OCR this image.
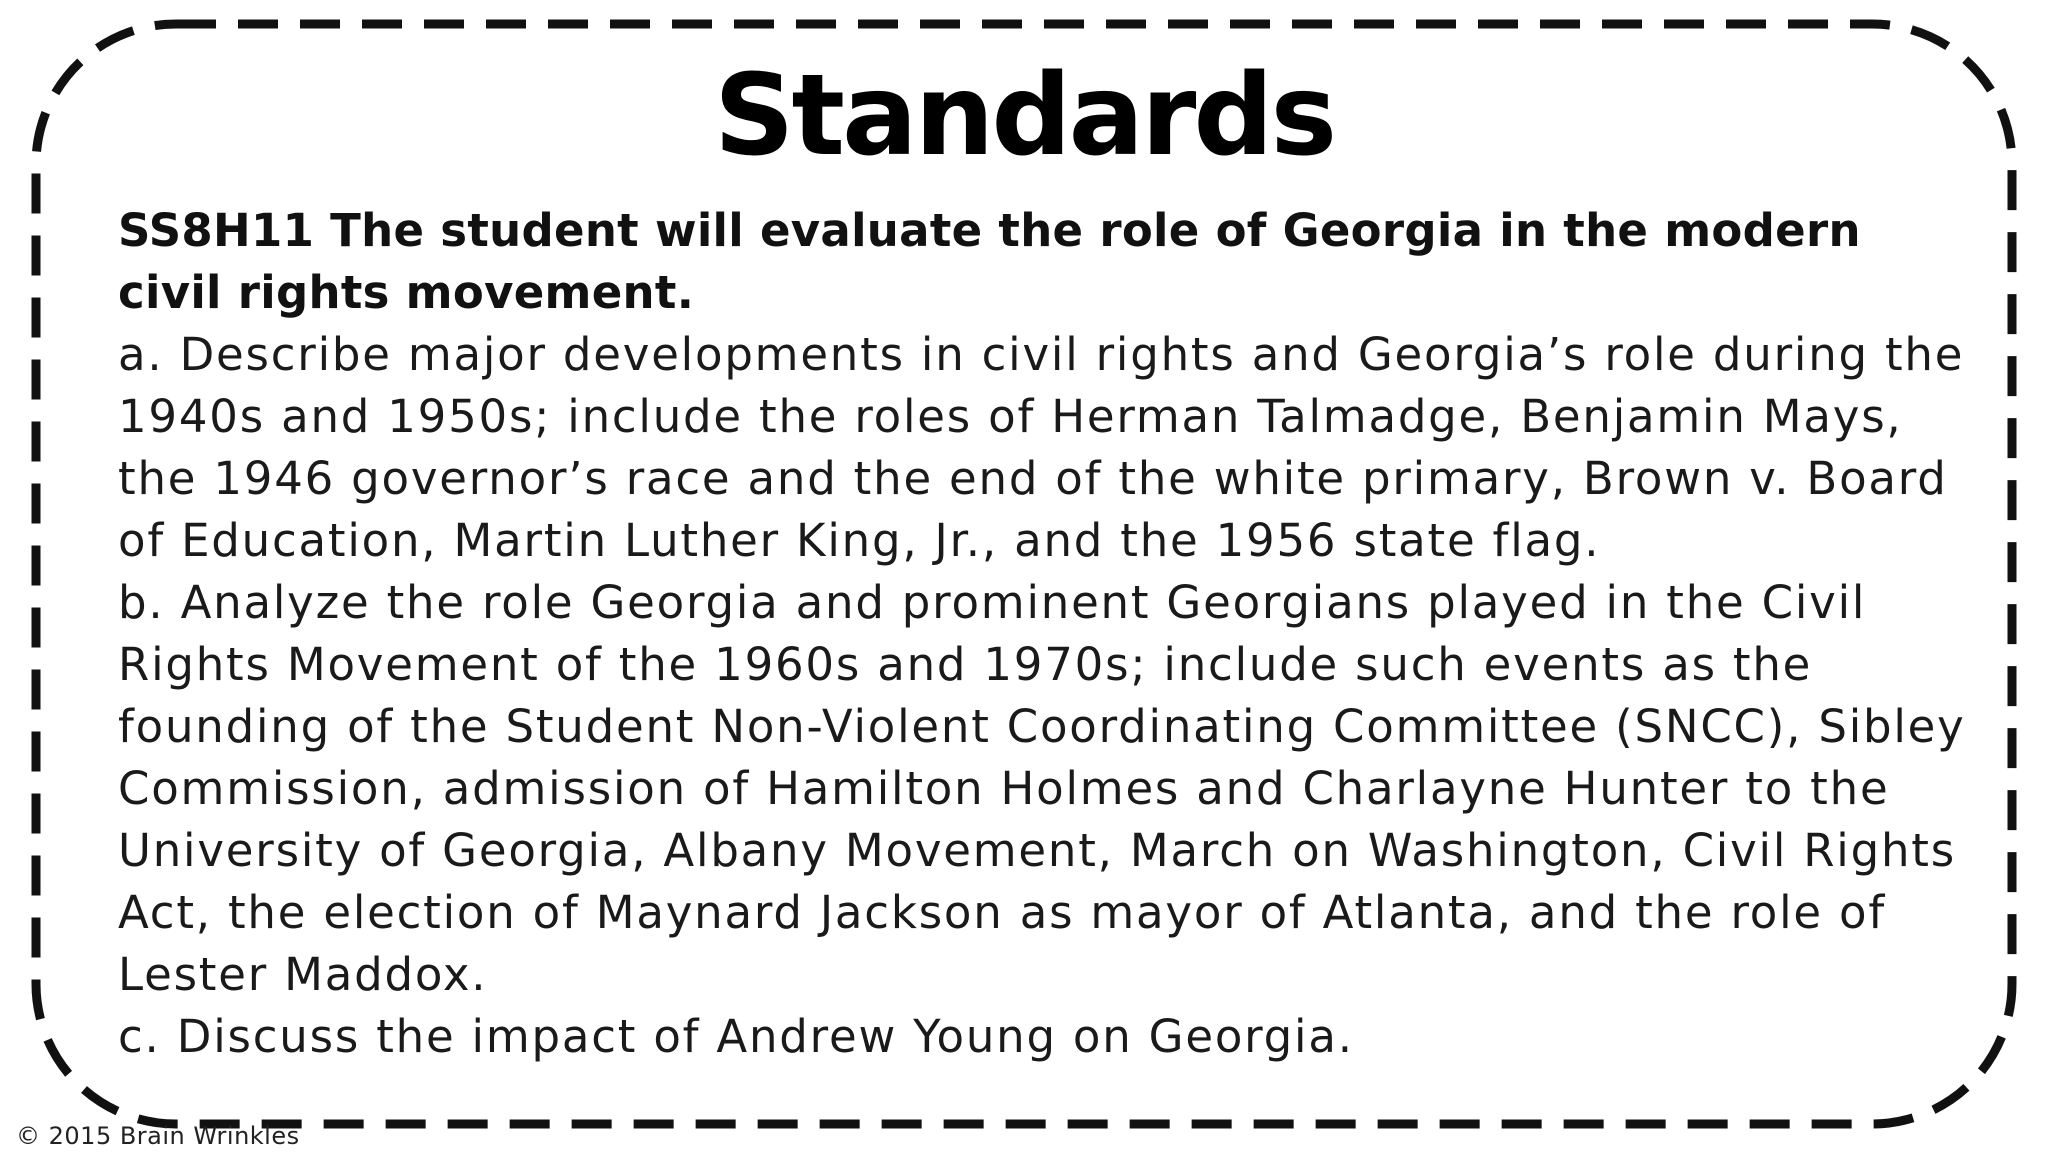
Standards

SS8H11 The student will evaluate the role of Georgia in the modern civil rights movement.

a. Describe major developments in civil rights and Georgia’s role during the 1940s and 1950s; include the roles of Herman Talmadge, Benjamin Mays, the 1946 governor’s race and the end of the white primary, Brown v. Board of Education, Martin Luther King, Jr., and the 1956 state flag.

b. Analyze the role Georgia and prominent Georgians played in the Civil Rights Movement of the 1960s and 1970s; include such events as the founding of the Student Non-Violent Coordinating Committee (SNCC), Sibley Commission, admission of Hamilton Holmes and Charlayne Hunter to the University of Georgia, Albany Movement, March on Washington, Civil Rights Act, the election of Maynard Jackson as mayor of Atlanta, and the role of Lester Maddox.

c. Discuss the impact of Andrew Young on Georgia.

© 2015 Brain Wrinkles
